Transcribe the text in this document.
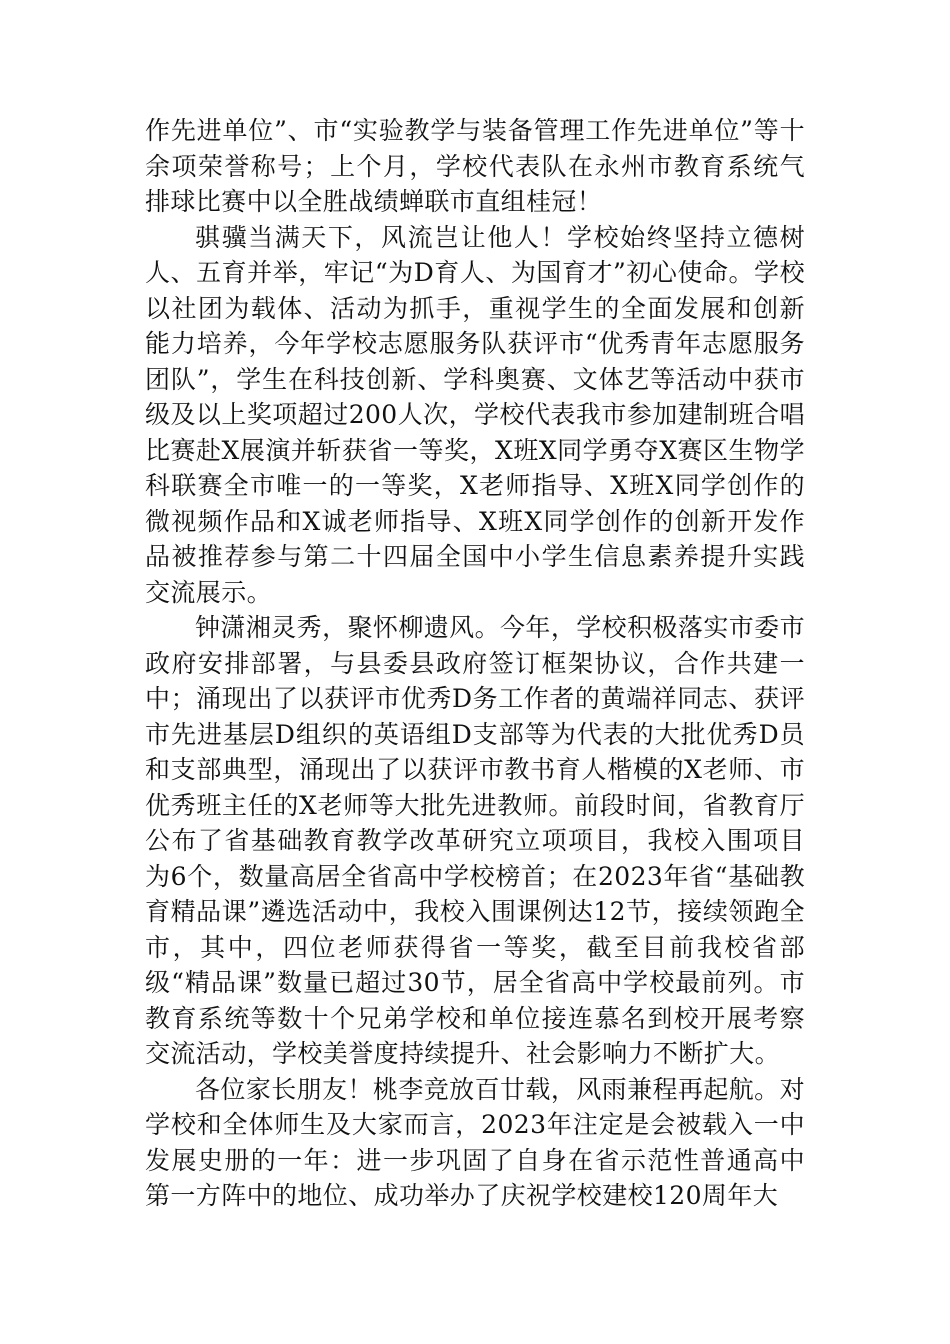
作先进单位”、市“实验教学与装备管理工作先进单位”等十余项荣誉称号；上个月，学校代表队在永州市教育系统气排球比赛中以全胜战绩蝉联市直组桂冠！

骐骥当满天下，风流岂让他人！学校始终坚持立德树人、五育并举，牢记“为D育人、为国育才”初心使命。学校以社团为载体、活动为抓手，重视学生的全面发展和创新能力培养，今年学校志愿服务队获评市“优秀青年志愿服务团队”，学生在科技创新、学科奥赛、文体艺等活动中获市级及以上奖项超过200人次，学校代表我市参加建制班合唱比赛赴X展演并斩获省一等奖，X班X同学勇夺X赛区生物学科联赛全市唯一的一等奖，X老师指导、X班X同学创作的微视频作品和X诚老师指导、X班X同学创作的创新开发作品被推荐参与第二十四届全国中小学生信息素养提升实践交流展示。

钟潇湘灵秀，聚怀柳遗风。今年，学校积极落实市委市政府安排部署，与县委县政府签订框架协议，合作共建一中；涌现出了以获评市优秀D务工作者的黄端祥同志、获评市先进基层D组织的英语组D支部等为代表的大批优秀D员和支部典型，涌现出了以获评市教书育人楷模的X老师、市优秀班主任的X老师等大批先进教师。前段时间，省教育厅公布了省基础教育教学改革研究立项项目，我校入围项目为6个，数量高居全省高中学校榜首；在2023年省“基础教育精品课”遴选活动中，我校入围课例达12节，接续领跑全市，其中，四位老师获得省一等奖，截至目前我校省部级“精品课”数量已超过30节，居全省高中学校最前列。市教育系统等数十个兄弟学校和单位接连慕名到校开展考察交流活动，学校美誉度持续提升、社会影响力不断扩大。

各位家长朋友！桃李竞放百廿载，风雨兼程再起航。对学校和全体师生及大家而言，2023年注定是会被载入一中发展史册的一年：进一步巩固了自身在省示范性普通高中第一方阵中的地位、成功举办了庆祝学校建校120周年大
